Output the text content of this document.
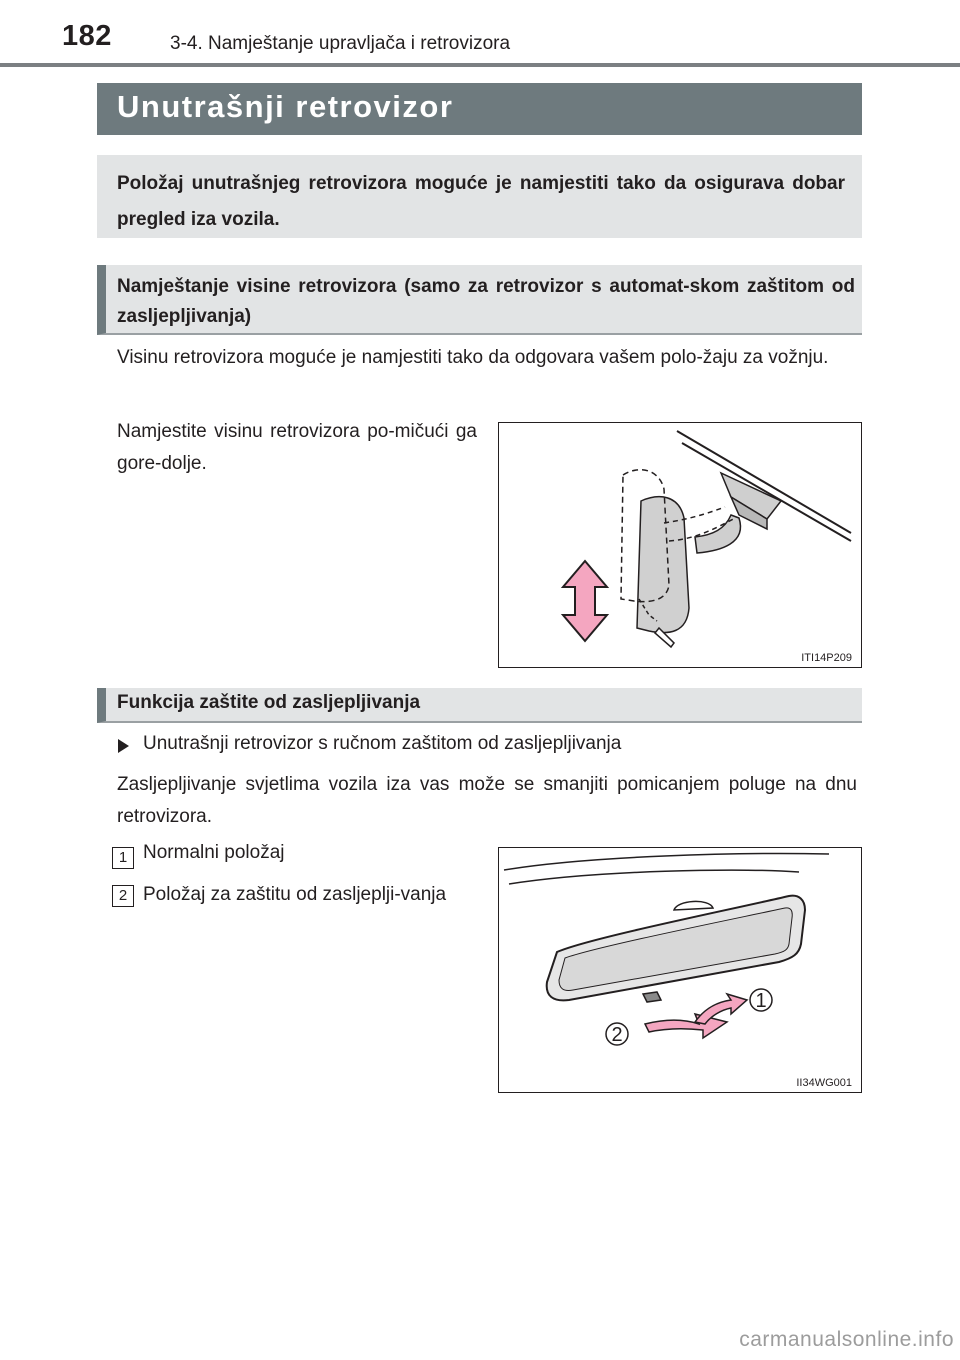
182	3-4. Namještanje upravljača i retrovizora
Unutrašnji retrovizor
Položaj unutrašnjeg retrovizora moguće je namjestiti tako da osigurava dobar pregled iza vozila.
Namještanje visine retrovizora (samo za retrovizor s automat-skom zaštitom od zasljepljivanja)
Visinu retrovizora moguće je namjestiti tako da odgovara vašem polo-žaju za vožnju.
Namjestite visinu retrovizora po-mičući ga gore-dolje.
ITI14P209
Funkcija zaštite od zasljepljivanja
Unutrašnji retrovizor s ručnom zaštitom od zasljepljivanja
Zasljepljivanje svjetlima vozila iza vas može se smanjiti pomicanjem poluge na dnu retrovizora.
1 Normalni položaj
2 Položaj za zaštitu od zasljeplji-vanja
1
2
II34WG001
carmanualsonline.info
